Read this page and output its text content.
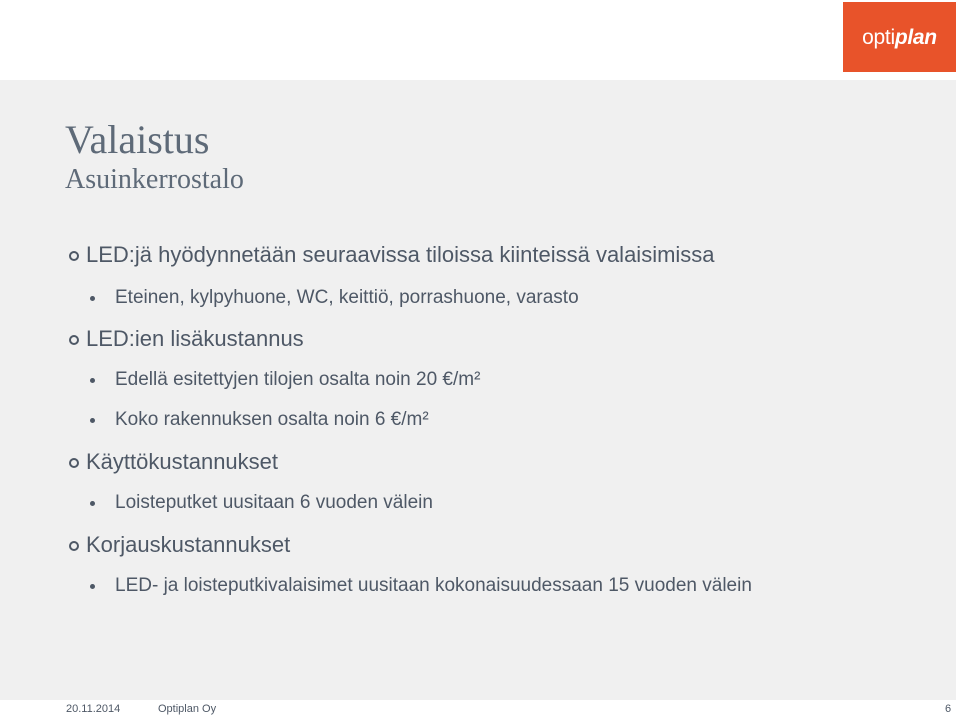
optiplan
Valaistus
Asuinkerrostalo
LED:jä hyödynnetään seuraavissa tiloissa kiinteissä valaisimissa
Eteinen, kylpyhuone, WC, keittiö, porrashuone, varasto
LED:ien lisäkustannus
Edellä esitettyjen tilojen osalta noin 20 €/m²
Koko rakennuksen osalta noin 6 €/m²
Käyttökustannukset
Loisteputket uusitaan 6 vuoden välein
Korjauskustannukset
LED- ja loisteputkivalaisimet uusitaan kokonaisuudessaan 15 vuoden välein
20.11.2014	Optiplan Oy	6
